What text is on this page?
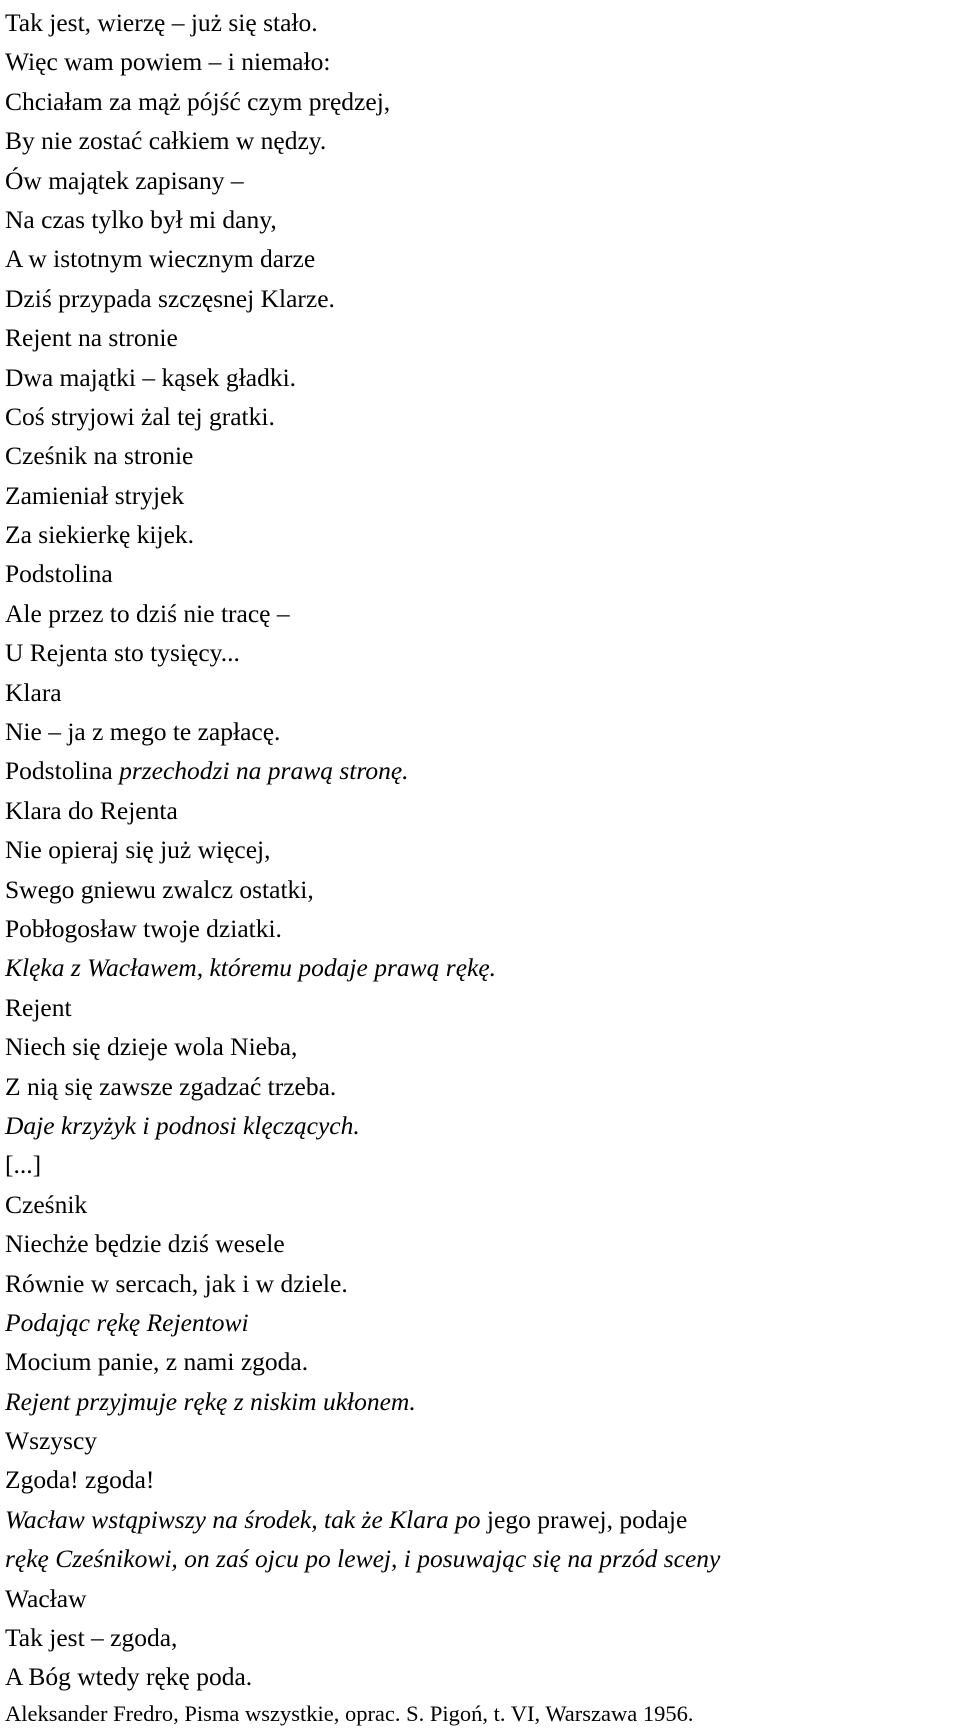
Tak jest, wierzę – już się stało.
Więc wam powiem – i niemało:
Chciałam za mąż pójść czym prędzej,
By nie zostać całkiem w nędzy.
Ów majątek zapisany –
Na czas tylko był mi dany,
A w istotnym wiecznym darze
Dziś przypada szczęsnej Klarze.
Rejent na stronie
Dwa majątki – kąsek gładki.
Coś stryjowi żal tej gratki.
Cześnik na stronie
Zamieniał stryjek
Za siekierkę kijek.
Podstolina
Ale przez to dziś nie tracę –
U Rejenta sto tysięcy...
Klara
Nie – ja z mego te zapłacę.
Podstolina przechodzi na prawą stronę.
Klara do Rejenta
Nie opieraj się już więcej,
Swego gniewu zwalcz ostatki,
Pobłogosław twoje dziatki.
Klęka z Wacławem, któremu podaje prawą rękę.
Rejent
Niech się dzieje wola Nieba,
Z nią się zawsze zgadzać trzeba.
Daje krzyżyk i podnosi klęczących.
[...]
Cześnik
Niechże będzie dziś wesele
Równie w sercach, jak i w dziele.
Podając rękę Rejentowi
Mocium panie, z nami zgoda.
Rejent przyjmuje rękę z niskim ukłonem.
Wszyscy
Zgoda! zgoda!
Wacław wstąpiwszy na środek, tak że Klara po jego prawej, podaje
rękę Cześnikowi, on zaś ojcu po lewej, i posuwając się na przód sceny
Wacław
Tak jest – zgoda,
A Bóg wtedy rękę poda.
Aleksander Fredro, Pisma wszystkie, oprac. S. Pigoń, t. VI, Warszawa 1956.
